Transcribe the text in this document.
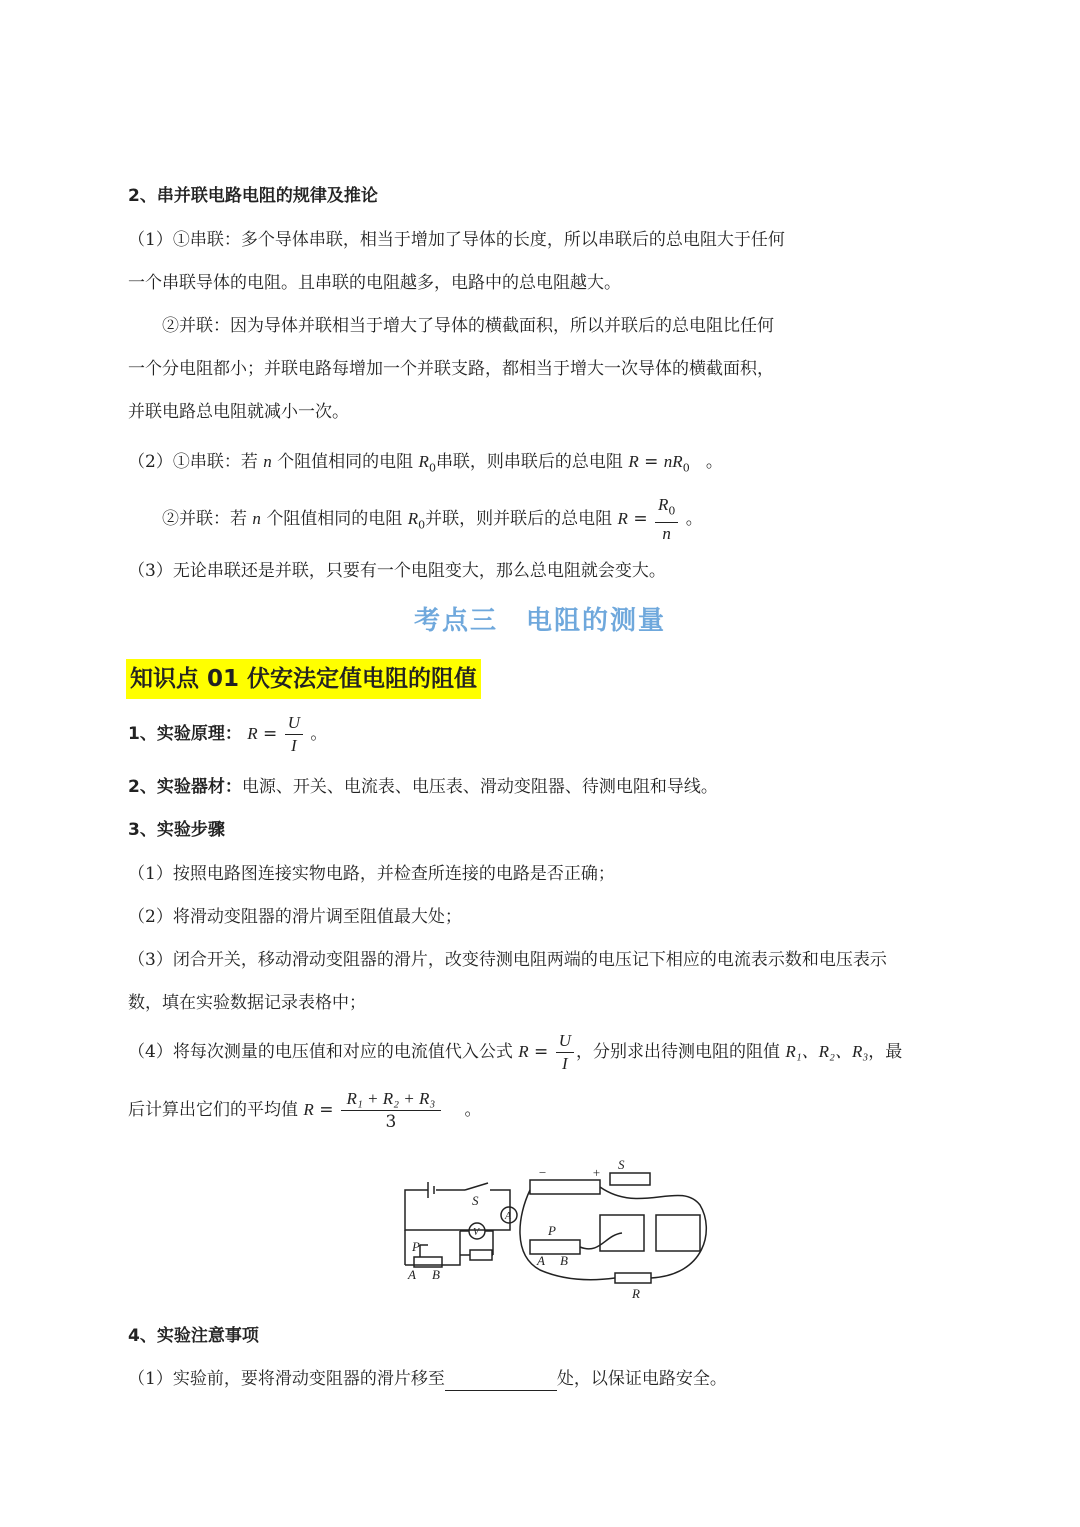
2、串并联电路电阻的规律及推论
（1）①串联：多个导体串联，相当于增加了导体的长度，所以串联后的总电阻大于任何
一个串联导体的电阻。且串联的电阻越多，电路中的总电阻越大。
②并联：因为导体并联相当于增大了导体的横截面积，所以并联后的总电阻比任何
一个分电阻都小；并联电路每增加一个并联支路，都相当于增大一次导体的横截面积，
并联电路总电阻就减小一次。
（2）①串联：若 n 个阻值相同的电阻 $R_0$串联，则串联后的总电阻 $R = nR_0$ 。
②并联：若 n 个阻值相同的电阻 $R_0$并联，则并联后的总电阻 $R = \frac{R_0}{n}$ 。
（3）无论串联还是并联，只要有一个电阻变大，那么总电阻就会变大。
考点三　电阻的测量
知识点 01 伏安法定值电阻的阻值
1、实验原理： $R = \frac{U}{I}$ 。
2、实验器材：电源、开关、电流表、电压表、滑动变阻器、待测电阻和导线。
3、实验步骤
（1）按照电路图连接实物电路，并检查所连接的电路是否正确；
（2）将滑动变阻器的滑片调至阻值最大处；
（3）闭合开关，移动滑动变阻器的滑片，改变待测电阻两端的电压记下相应的电流表示数和电压表示
数，填在实验数据记录表格中；
（4）将每次测量的电压值和对应的电流值代入公式 $R = \frac{U}{I}$ ，分别求出待测电阻的阻值 R₁、R₂、R₃，最
后计算出它们的平均值 $R = \frac{\text{R₁ + R₂ + R₃}}{3}$ 。
S
A
V
P
A B
−	+
S
P
A B
R
4、实验注意事项
（1）实验前，要将滑动变阻器的滑片移至	处，以保证电路安全。
